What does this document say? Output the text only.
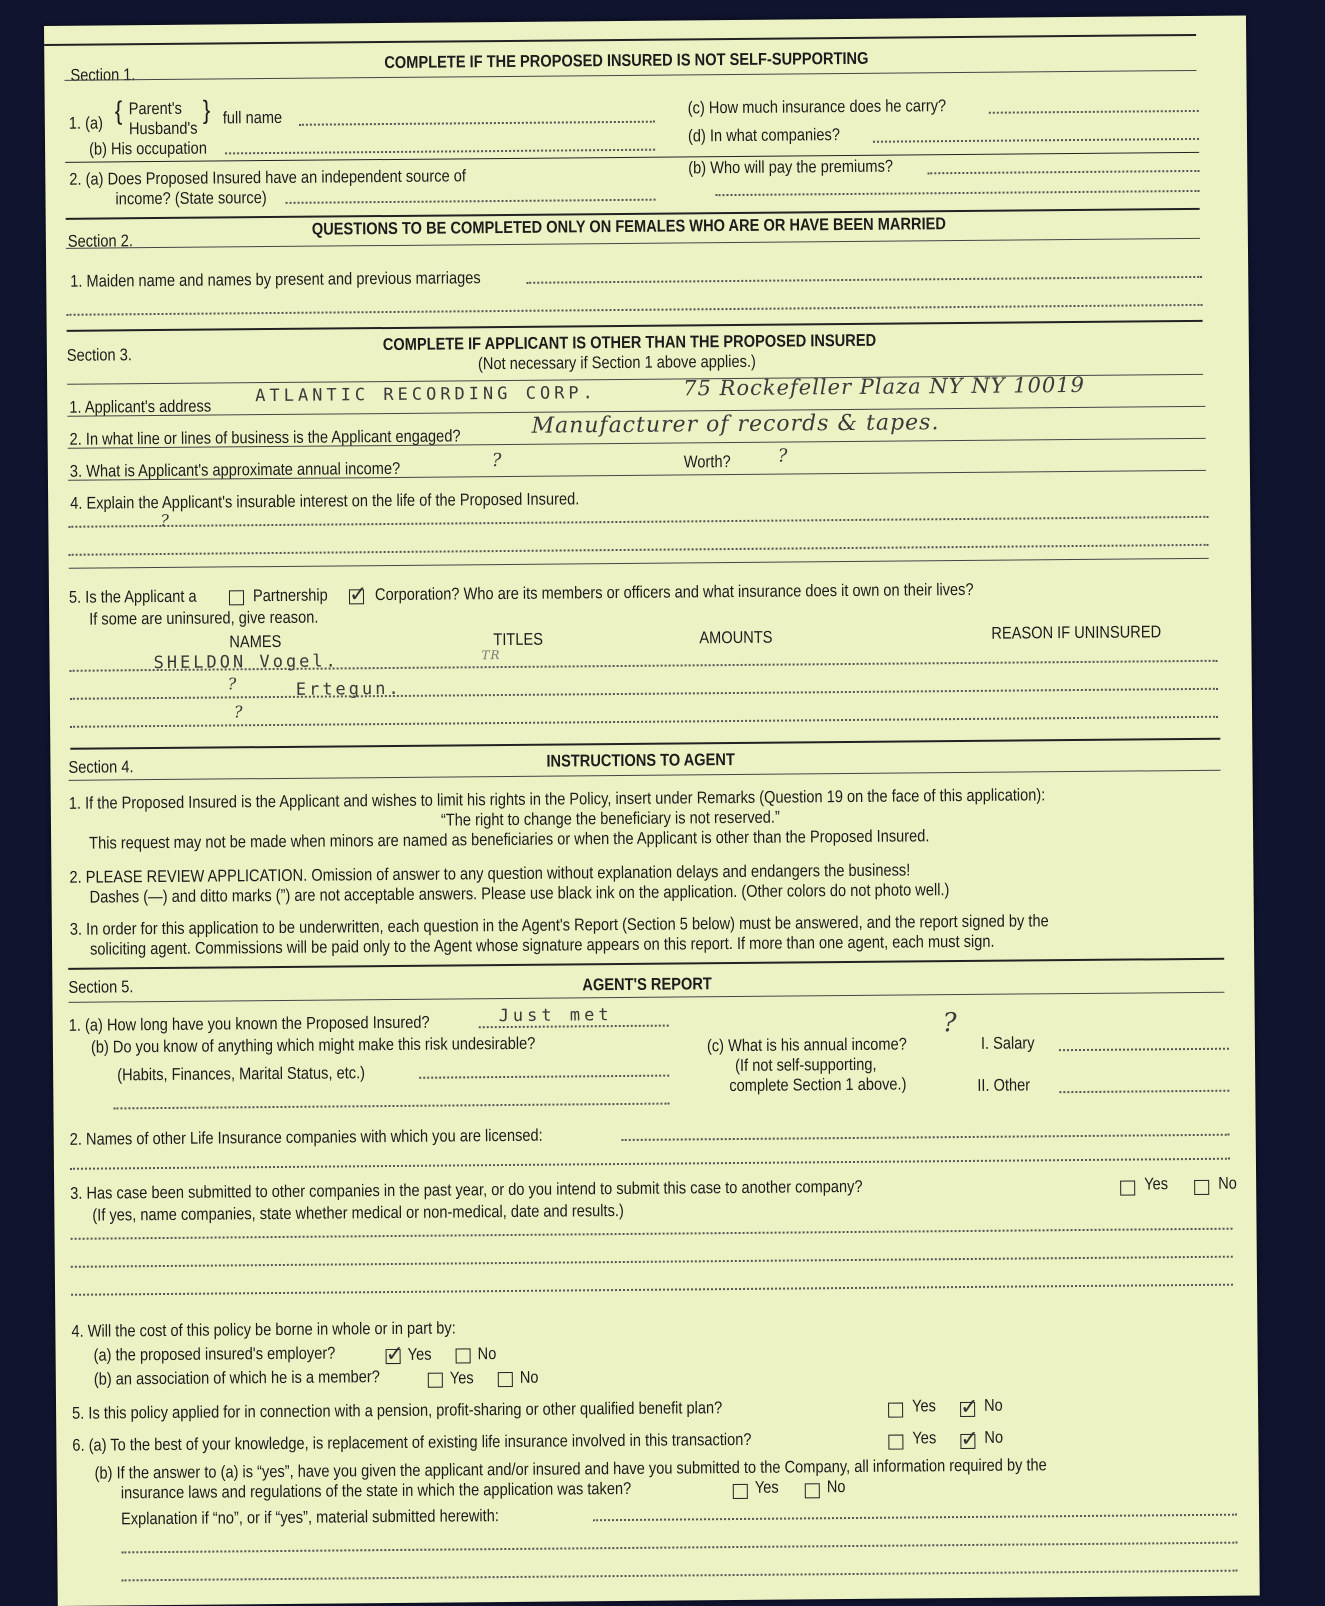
Section 1.
COMPLETE IF THE PROPOSED INSURED IS NOT SELF-SUPPORTING
1. (a) { Parent's
Husband's
} full name
(b) His occupation
(c) How much insurance does he carry?
(d) In what companies?
2. (a) Does Proposed Insured have an independent source of
income? (State source)
(b) Who will pay the premiums?
Section 2.
QUESTIONS TO BE COMPLETED ONLY ON FEMALES WHO ARE OR HAVE BEEN MARRIED
1. Maiden name and names by present and previous marriages
Section 3.
COMPLETE IF APPLICANT IS OTHER THAN THE PROPOSED INSURED
(Not necessary if Section 1 above applies.)
1. Applicant's address
ATLANTIC RECORDING CORP.	75 Rockefeller Plaza NY NY 10019
2. In what line or lines of business is the Applicant engaged?	Manufacturer of records & tapes.
3. What is Applicant's approximate annual income?	?	Worth?	?
4. Explain the Applicant's insurable interest on the life of the Proposed Insured.
?
5. Is the Applicant a	Partnership ✓	Corporation? Who are its members or officers and what insurance does it own on their lives?
If some are uninsured, give reason.
NAMES	TITLES	AMOUNTS	REASON IF UNINSURED
SHELDON Vogel.	TR
?	Ertegun.
?
Section 4.	INSTRUCTIONS TO AGENT
1. If the Proposed Insured is the Applicant and wishes to limit his rights in the Policy, insert under Remarks (Question 19 on the face of this application):
“The right to change the beneficiary is not reserved.”
This request may not be made when minors are named as beneficiaries or when the Applicant is other than the Proposed Insured.
2. PLEASE REVIEW APPLICATION. Omission of answer to any question without explanation delays and endangers the business!
Dashes (—) and ditto marks (”) are not acceptable answers. Please use black ink on the application. (Other colors do not photo well.)
3. In order for this application to be underwritten, each question in the Agent's Report (Section 5 below) must be answered, and the report signed by the
soliciting agent. Commissions will be paid only to the Agent whose signature appears on this report. If more than one agent, each must sign.
Section 5.	AGENT'S REPORT
1. (a) How long have you known the Proposed Insured?	Just met
(b) Do you know of anything which might make this risk undesirable?
(Habits, Finances, Marital Status, etc.)
(c) What is his annual income?
?
(If not self-supporting,
complete Section 1 above.)
I. Salary
II. Other
2. Names of other Life Insurance companies with which you are licensed:
3. Has case been submitted to other companies in the past year, or do you intend to submit this case to another company?	Yes	No
(If yes, name companies, state whether medical or non-medical, date and results.)
4. Will the cost of this policy be borne in whole or in part by:
(a) the proposed insured's employer? ✓	Yes	No
(b) an association of which he is a member?	Yes	No
5. Is this policy applied for in connection with a pension, profit-sharing or other qualified benefit plan?	Yes ✓	No
6. (a) To the best of your knowledge, is replacement of existing life insurance involved in this transaction?	Yes ✓	No
(b) If the answer to (a) is “yes”, have you given the applicant and/or insured and have you submitted to the Company, all information required by the
insurance laws and regulations of the state in which the application was taken?	Yes	No
Explanation if “no”, or if “yes”, material submitted herewith:
